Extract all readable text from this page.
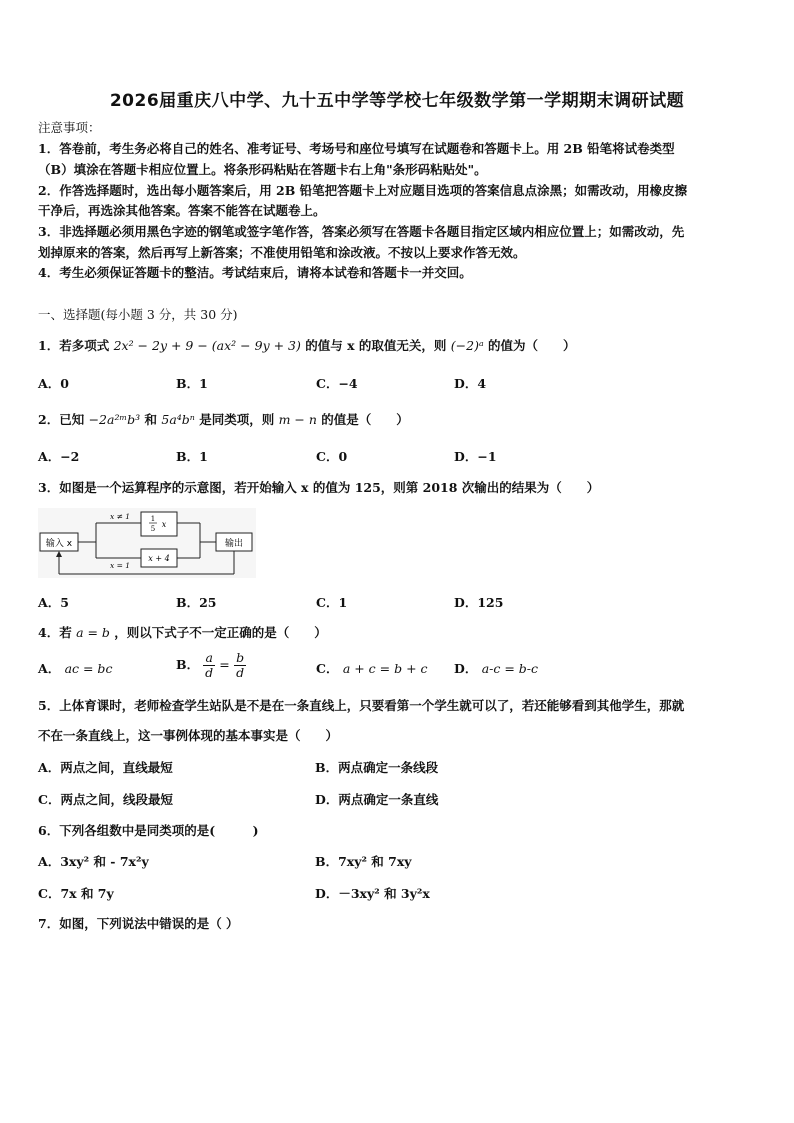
2026届重庆八中学、九十五中学等学校七年级数学第一学期期末调研试题
注意事项：
1．答卷前，考生务必将自己的姓名、准考证号、考场号和座位号填写在试题卷和答题卡上。用 2B 铅笔将试卷类型
（B）填涂在答题卡相应位置上。将条形码粘贴在答题卡右上角"条形码粘贴处"。
2．作答选择题时，选出每小题答案后，用 2B 铅笔把答题卡上对应题目选项的答案信息点涂黑；如需改动，用橡皮擦
干净后，再选涂其他答案。答案不能答在试题卷上。
3．非选择题必须用黑色字迹的钢笔或签字笔作答，答案必须写在答题卡各题目指定区域内相应位置上；如需改动，先
划掉原来的答案，然后再写上新答案；不准使用铅笔和涂改液。不按以上要求作答无效。
4．考生必须保证答题卡的整洁。考试结束后，请将本试卷和答题卡一并交回。
一、选择题(每小题 3 分，共 30 分)
1．若多项式 2x² − 2y + 9 − (ax² − 9y + 3) 的值与 x 的取值无关，则 (−2)ᵃ 的值为（　　）
A．0	B．1	C．−4	D．4
2．已知 −2a²ᵐb³ 和 5a⁴bⁿ 是同类项，则 m − n 的值是（　　）
A．−2	B．1	C．0	D．−1
3．如图是一个运算程序的示意图，若开始输入 x 的值为 125，则第 2018 次输出的结果为（　　）
输入 x
x ≠ 1
x = 1
1
5 x
x + 4
输出
A．5	B．25	C．1	D．125
4．若 a = b ，则以下式子不一定正确的是（　　）
A． ac = bc	B． $\frac{a}{d} = \frac{b}{d}$	C． a + c = b + c D． a-c = b-c
5．上体育课时，老师检查学生站队是不是在一条直线上，只要看第一个学生就可以了，若还能够看到其他学生，那就
不在一条直线上，这一事例体现的基本事实是（　　）
A．两点之间，直线最短	B．两点确定一条线段
C．两点之间，线段最短	D．两点确定一条直线
6．下列各组数中是同类项的是(　　　)
A．3xy² 和 - 7x²y	B．7xy² 和 7xy
C．7x 和 7y	D．－3xy² 和 3y²x
7．如图，下列说法中错误的是（ ）
